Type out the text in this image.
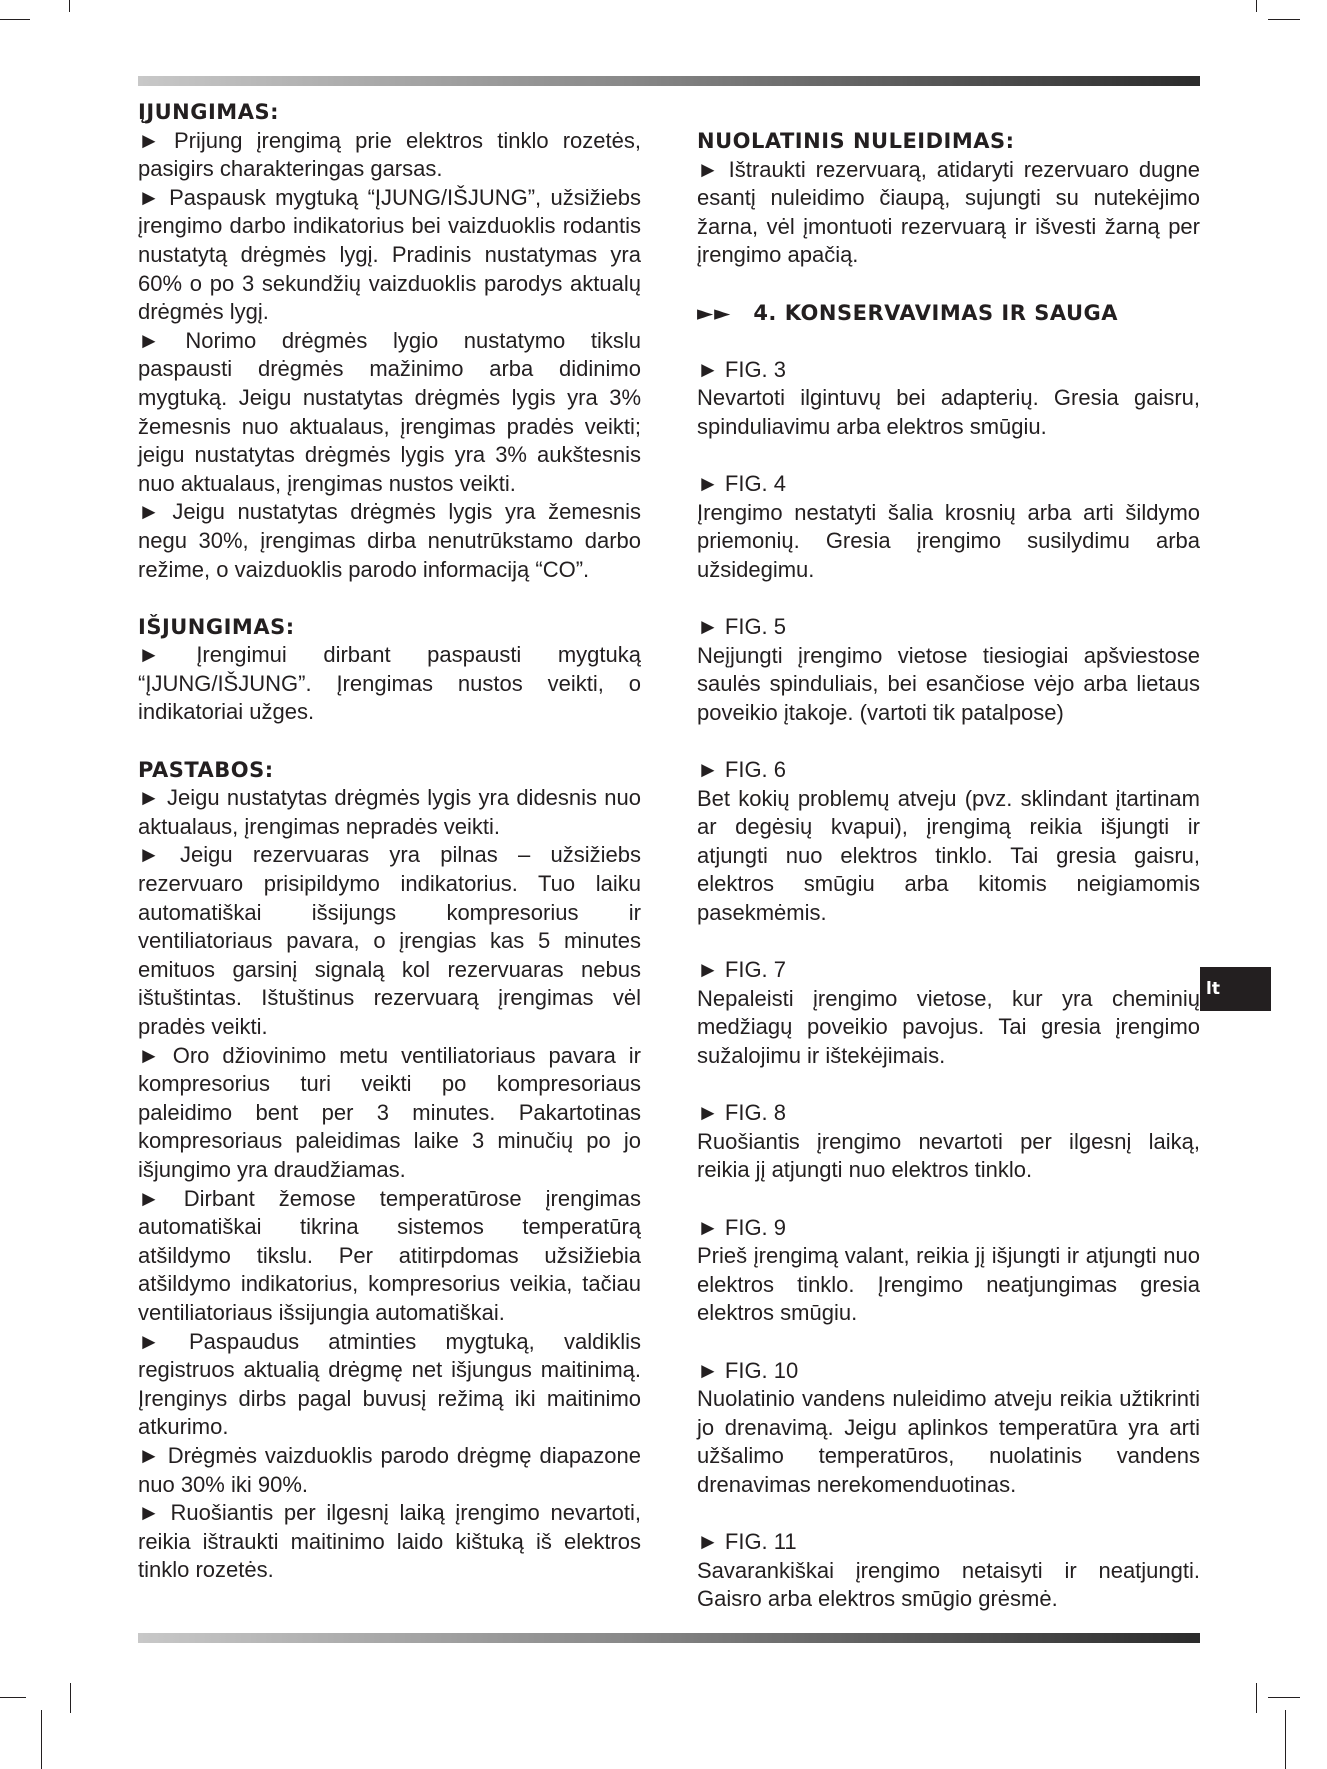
ĮJUNGIMAS:

► Prijung įrengimą prie elektros tinklo rozetės, pasigirs charakteringas garsas.

► Paspausk mygtuką “ĮJUNG/IŠJUNG”, užsižiebs įrengimo darbo indikatorius bei vaizduoklis rodantis nustatytą drėgmės lygį. Pradinis nustatymas yra 60% o po 3 sekundžių vaizduoklis parodys aktualų drėgmės lygį.

► Norimo drėgmės lygio nustatymo tikslu paspausti drėgmės mažinimo arba didinimo mygtuką. Jeigu nustatytas drėgmės lygis yra 3% žemesnis nuo aktualaus, įrengimas pradės veikti; jeigu nustatytas drėgmės lygis yra 3% aukštesnis nuo aktualaus, įrengimas nustos veikti.

► Jeigu nustatytas drėgmės lygis yra žemesnis negu 30%, įrengimas dirba nenutrūkstamo darbo režime, o vaizduoklis parodo informaciją “CO”.

IŠJUNGIMAS:

► Įrengimui dirbant paspausti mygtuką “ĮJUNG/IŠJUNG”. Įrengimas nustos veikti, o indikatoriai užges.

PASTABOS:

► Jeigu nustatytas drėgmės lygis yra didesnis nuo aktualaus, įrengimas nepradės veikti.

► Jeigu rezervuaras yra pilnas – užsižiebs rezervuaro prisipildymo indikatorius. Tuo laiku automatiškai išsijungs kompresorius ir ventiliatoriaus pavara, o įrengias kas 5 minutes emituos garsinį signalą kol rezervuaras nebus ištuštintas. Ištuštinus rezervuarą įrengimas vėl pradės veikti.

► Oro džiovinimo metu ventiliatoriaus pavara ir kompresorius turi veikti po kompresoriaus paleidimo bent per 3 minutes. Pakartotinas kompresoriaus paleidimas laike 3 minučių po jo išjungimo yra draudžiamas.

► Dirbant žemose temperatūrose įrengimas automatiškai tikrina sistemos temperatūrą atšildymo tikslu. Per atitirpdomas užsižiebia atšildymo indikatorius, kompresorius veikia, tačiau ventiliatoriaus išsijungia automatiškai.

► Paspaudus atminties mygtuką, valdiklis registruos aktualią drėgmę net išjungus maitinimą. Įrenginys dirbs pagal buvusį režimą iki maitinimo atkurimo.

► Drėgmės vaizduoklis parodo drėgmę diapazone nuo 30% iki 90%.

► Ruošiantis per ilgesnį laiką įrengimo nevartoti, reikia ištraukti maitinimo laido kištuką iš elektros tinklo rozetės.

NUOLATINIS NULEIDIMAS:

► Ištraukti rezervuarą, atidaryti rezervuaro dugne esantį nuleidimo čiaupą, sujungti su nutekėjimo žarna, vėl įmontuoti rezervuarą ir išvesti žarną per įrengimo apačią.

►► 4. KONSERVAVIMAS IR SAUGA

► FIG. 3

Nevartoti ilgintuvų bei adapterių. Gresia gaisru, spinduliavimu arba elektros smūgiu.

► FIG. 4

Įrengimo nestatyti šalia krosnių arba arti šildymo priemonių. Gresia įrengimo susilydimu arba užsidegimu.

► FIG. 5

Neįjungti įrengimo vietose tiesiogiai apšviestose saulės spinduliais, bei esančiose vėjo arba lietaus poveikio įtakoje. (vartoti tik patalpose)

► FIG. 6

Bet kokių problemų atveju (pvz. sklindant įtartinam ar degėsių kvapui), įrengimą reikia išjungti ir atjungti nuo elektros tinklo. Tai gresia gaisru, elektros smūgiu arba kitomis neigiamomis pasekmėmis.

► FIG. 7

Nepaleisti įrengimo vietose, kur yra cheminių medžiagų poveikio pavojus. Tai gresia įrengimo sužalojimu ir ištekėjimais.

► FIG. 8

Ruošiantis įrengimo nevartoti per ilgesnį laiką, reikia jį atjungti nuo elektros tinklo.

► FIG. 9

Prieš įrengimą valant, reikia jį išjungti ir atjungti nuo elektros tinklo. Įrengimo neatjungimas gresia elektros smūgiu.

► FIG. 10

Nuolatinio vandens nuleidimo atveju reikia užtikrinti jo drenavimą. Jeigu aplinkos temperatūra yra arti užšalimo temperatūros, nuolatinis vandens drenavimas nerekomenduotinas.

► FIG. 11

Savarankiškai įrengimo netaisyti ir neatjungti. Gaisro arba elektros smūgio grėsmė.

lt
